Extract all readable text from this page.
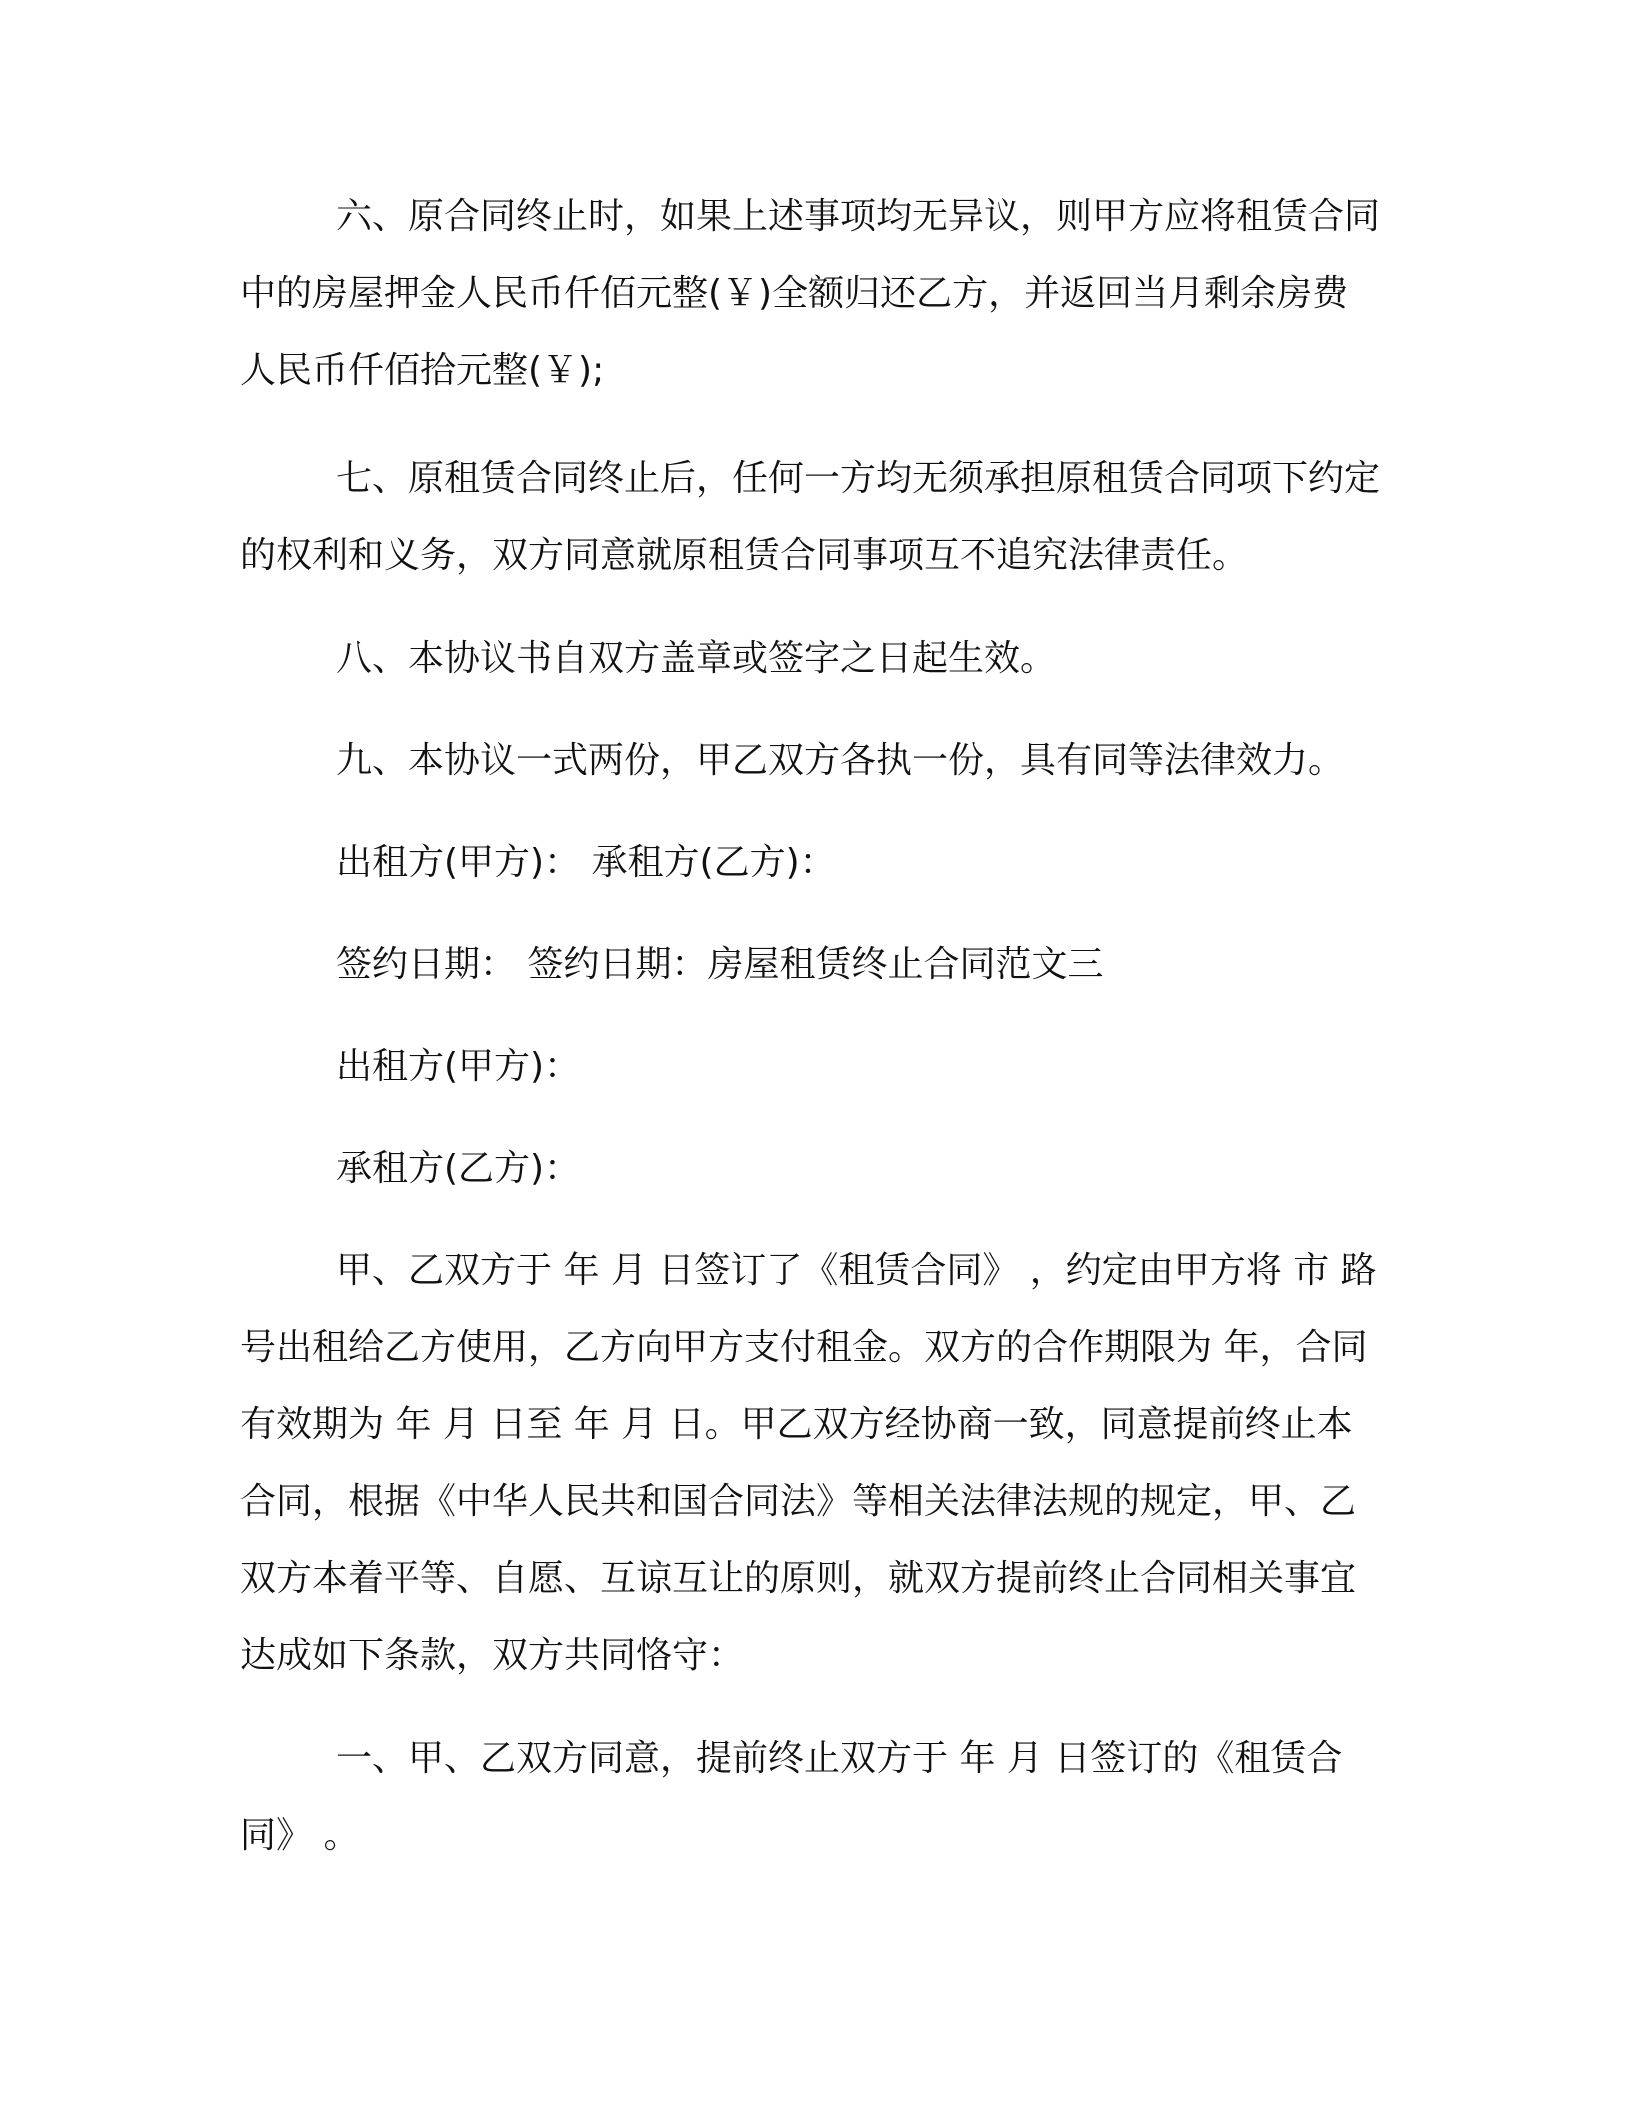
六、原合同终止时，如果上述事项均无异议，则甲方应将租赁合同中的房屋押金人民币仟佰元整(￥)全额归还乙方，并返回当月剩余房费人民币仟佰拾元整(￥);

七、原租赁合同终止后，任何一方均无须承担原租赁合同项下约定的权利和义务，双方同意就原租赁合同事项互不追究法律责任。

八、本协议书自双方盖章或签字之日起生效。

九、本协议一式两份，甲乙双方各执一份，具有同等法律效力。

出租方(甲方)： 承租方(乙方)：

签约日期： 签约日期：房屋租赁终止合同范文三

出租方(甲方)：

承租方(乙方)：

甲、乙双方于 年 月 日签订了《租赁合同》 ，约定由甲方将 市 路 号出租给乙方使用，乙方向甲方支付租金。双方的合作期限为 年，合同有效期为 年 月 日至 年 月 日。甲乙双方经协商一致，同意提前终止本合同，根据《中华人民共和国合同法》等相关法律法规的规定，甲、乙双方本着平等、自愿、互谅互让的原则，就双方提前终止合同相关事宜达成如下条款，双方共同恪守：

一、甲、乙双方同意，提前终止双方于 年 月 日签订的《租赁合同》 。
